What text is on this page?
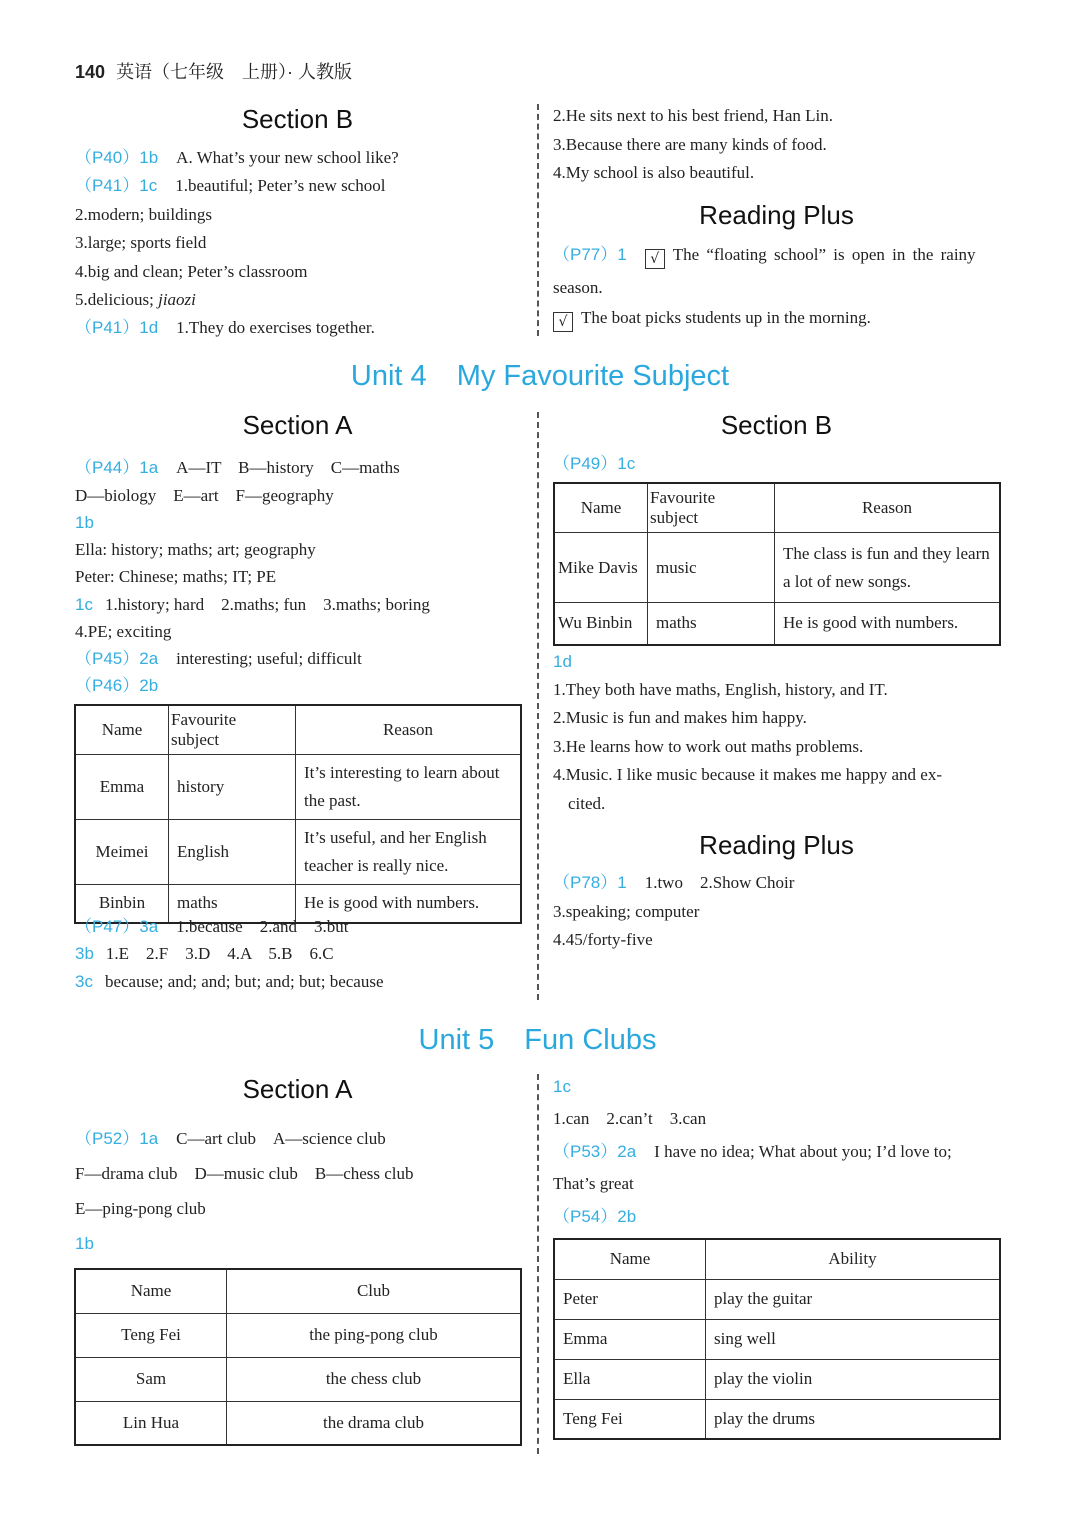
140 英语（七年级　上册）· 人教版
Section B
（P40）1b A. What’s your new school like?
（P41）1c 1.beautiful; Peter’s new school
2.modern; buildings
3.large; sports field
4.big and clean; Peter’s classroom
5.delicious; jiaozi
（P41）1d 1.They do exercises together.
2.He sits next to his best friend, Han Lin.
3.Because there are many kinds of food.
4.My school is also beautiful.
Reading Plus
（P77）1 √ The “floating school” is open in the rainy
season.
√ The boat picks students up in the morning.
Unit 4 My Favourite Subject
Section A
（P44）1a A—IT　B—history　C—maths
D—biology　E—art　F—geography
1b
Ella: history; maths; art; geography
Peter: Chinese; maths; IT; PE
1c 1.history; hard　2.maths; fun　3.maths; boring
4.PE; exciting
（P45）2a interesting; useful; difficult
（P46）2b
Name	Favourite subject	Reason
Emma	history	It’s interesting to learn about the past.
Meimei	English	It’s useful, and her English teacher is really nice.
Binbin	maths	He is good with numbers.
（P47）3a 1.because　2.and　3.but
3b 1.E　2.F　3.D　4.A　5.B　6.C
3c because; and; and; but; and; but; because
Section B
（P49）1c
Name	Favourite subject	Reason
Mike Davis	music	The class is fun and they learn a lot of new songs.
Wu Binbin	maths	He is good with numbers.
1d
1.They both have maths, English, history, and IT.
2.Music is fun and makes him happy.
3.He learns how to work out maths problems.
4.Music. I like music because it makes me happy and ex-
cited.
Reading Plus
（P78）1 1.two　2.Show Choir
3.speaking; computer
4.45/forty-five
Unit 5 Fun Clubs
Section A
（P52）1a C—art club　A—science club
F—drama club　D—music club　B—chess club
E—ping-pong club
1b
Name	Club
Teng Fei	the ping-pong club
Sam	the chess club
Lin Hua	the drama club
1c
1.can　2.can’t　3.can
（P53）2a I have no idea; What about you; I’d love to;
That’s great
（P54）2b
Name	Ability
Peter	play the guitar
Emma	sing well
Ella	play the violin
Teng Fei	play the drums
